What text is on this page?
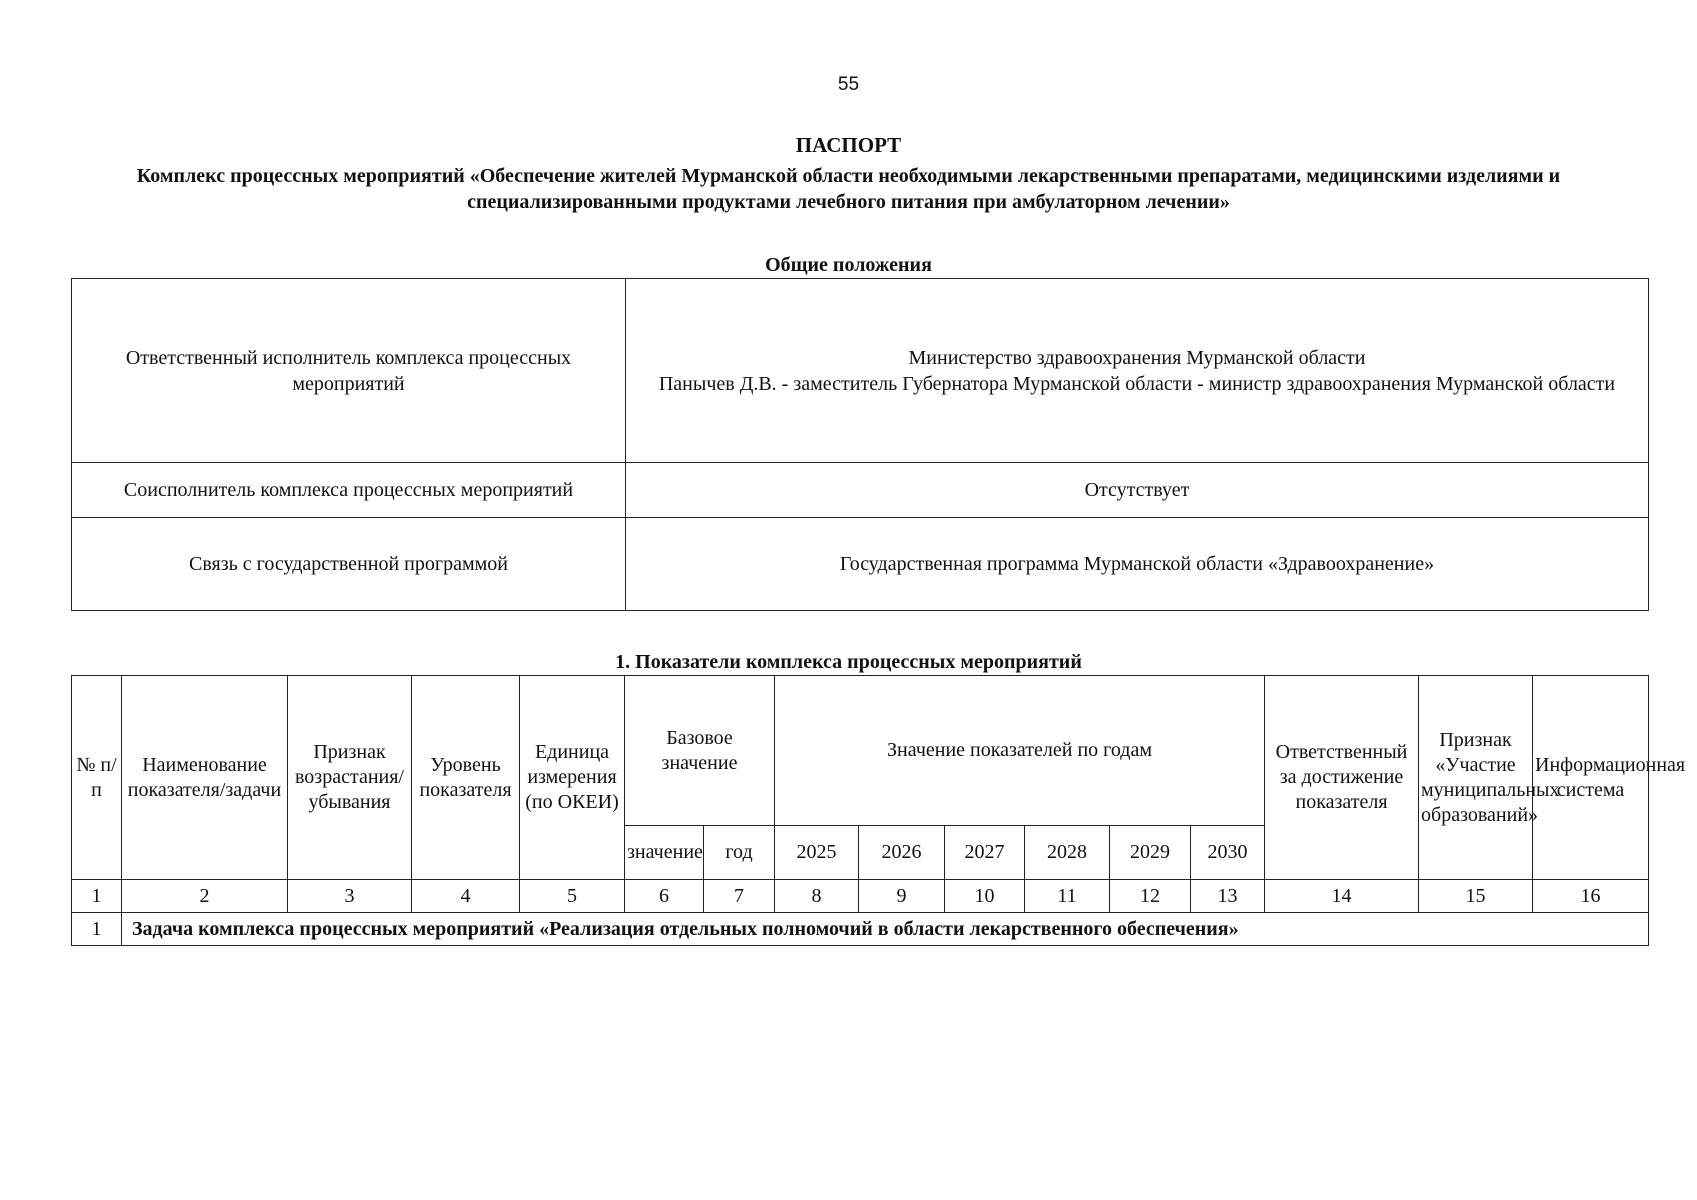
55
ПАСПОРТ
Комплекс процессных мероприятий «Обеспечение жителей Мурманской области необходимыми лекарственными препаратами, медицинскими изделиями и специализированными продуктами лечебного питания при амбулаторном лечении»
Общие положения
Ответственный исполнитель комплекса процессных мероприятий	Министерство здравоохранения Мурманской области
Панычев Д.В. - заместитель Губернатора Мурманской области - министр здравоохранения Мурманской области

Соисполнитель комплекса процессных мероприятий	Отсутствует
Связь с государственной программой	Государственная программа Мурманской области «Здравоохранение»
1. Показатели комплекса процессных мероприятий
№ п/п	Наименование показателя/задачи	Признак возрастания/ убывания	Уровень показателя	Единица измерения (по ОКЕИ)	Базовое значение		Значение показателей по годам						Ответственный за достижение показателя	Признак «Участие муниципальных образований»	Информационная система
					значение	год	2025	2026	2027	2028	2029	2030			
1	2	3	4	5	6	7	8	9	10	11	12	13	14	15	16
1	Задача комплекса процессных мероприятий «Реализация отдельных полномочий в области лекарственного обеспечения»														
